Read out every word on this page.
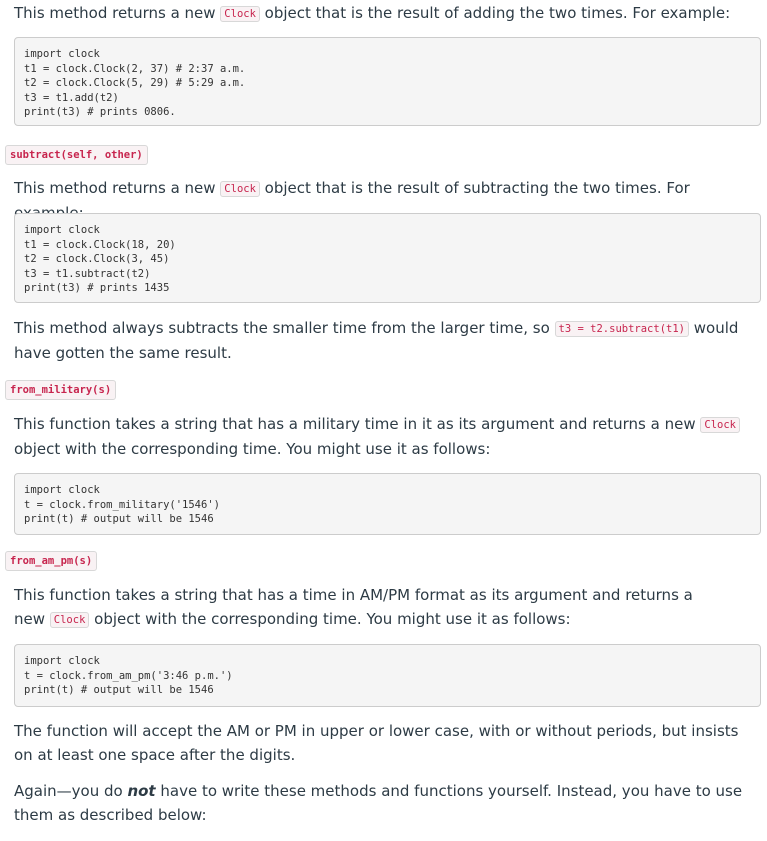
This method returns a new Clock object that is the result of adding the two times. For example:

import clock
t1 = clock.Clock(2, 37) # 2:37 a.m.
t2 = clock.Clock(5, 29) # 5:29 a.m.
t3 = t1.add(t2)
print(t3) # prints 0806.
subtract(self, other)

This method returns a new Clock object that is the result of subtracting the two times. For

import clock
t1 = clock.Clock(18, 20)
t2 = clock.Clock(3, 45)
t3 = t1.subtract(t2)
print(t3) # prints 1435

This method always subtracts the smaller time from the larger time, so t3 = t2.subtract(t1) would have gotten the same result.

from_military(s)

This function takes a string that has a military time in it as its argument and returns a new Clock object with the corresponding time. You might use it as follows:

import clock
t = clock.from_military('1546')
print(t) # output will be 1546
from_am_pm(s)

This function takes a string that has a time in AM/PM format as its argument and returns a
new Clock object with the corresponding time. You might use it as follows:

import clock
t = clock.from_am_pm('3:46 p.m.')
print(t) # output will be 1546

The function will accept the AM or PM in upper or lower case, with or without periods, but insists on at least one space after the digits.

Again—you do not have to write these methods and functions yourself. Instead, you have to use them as described below:
